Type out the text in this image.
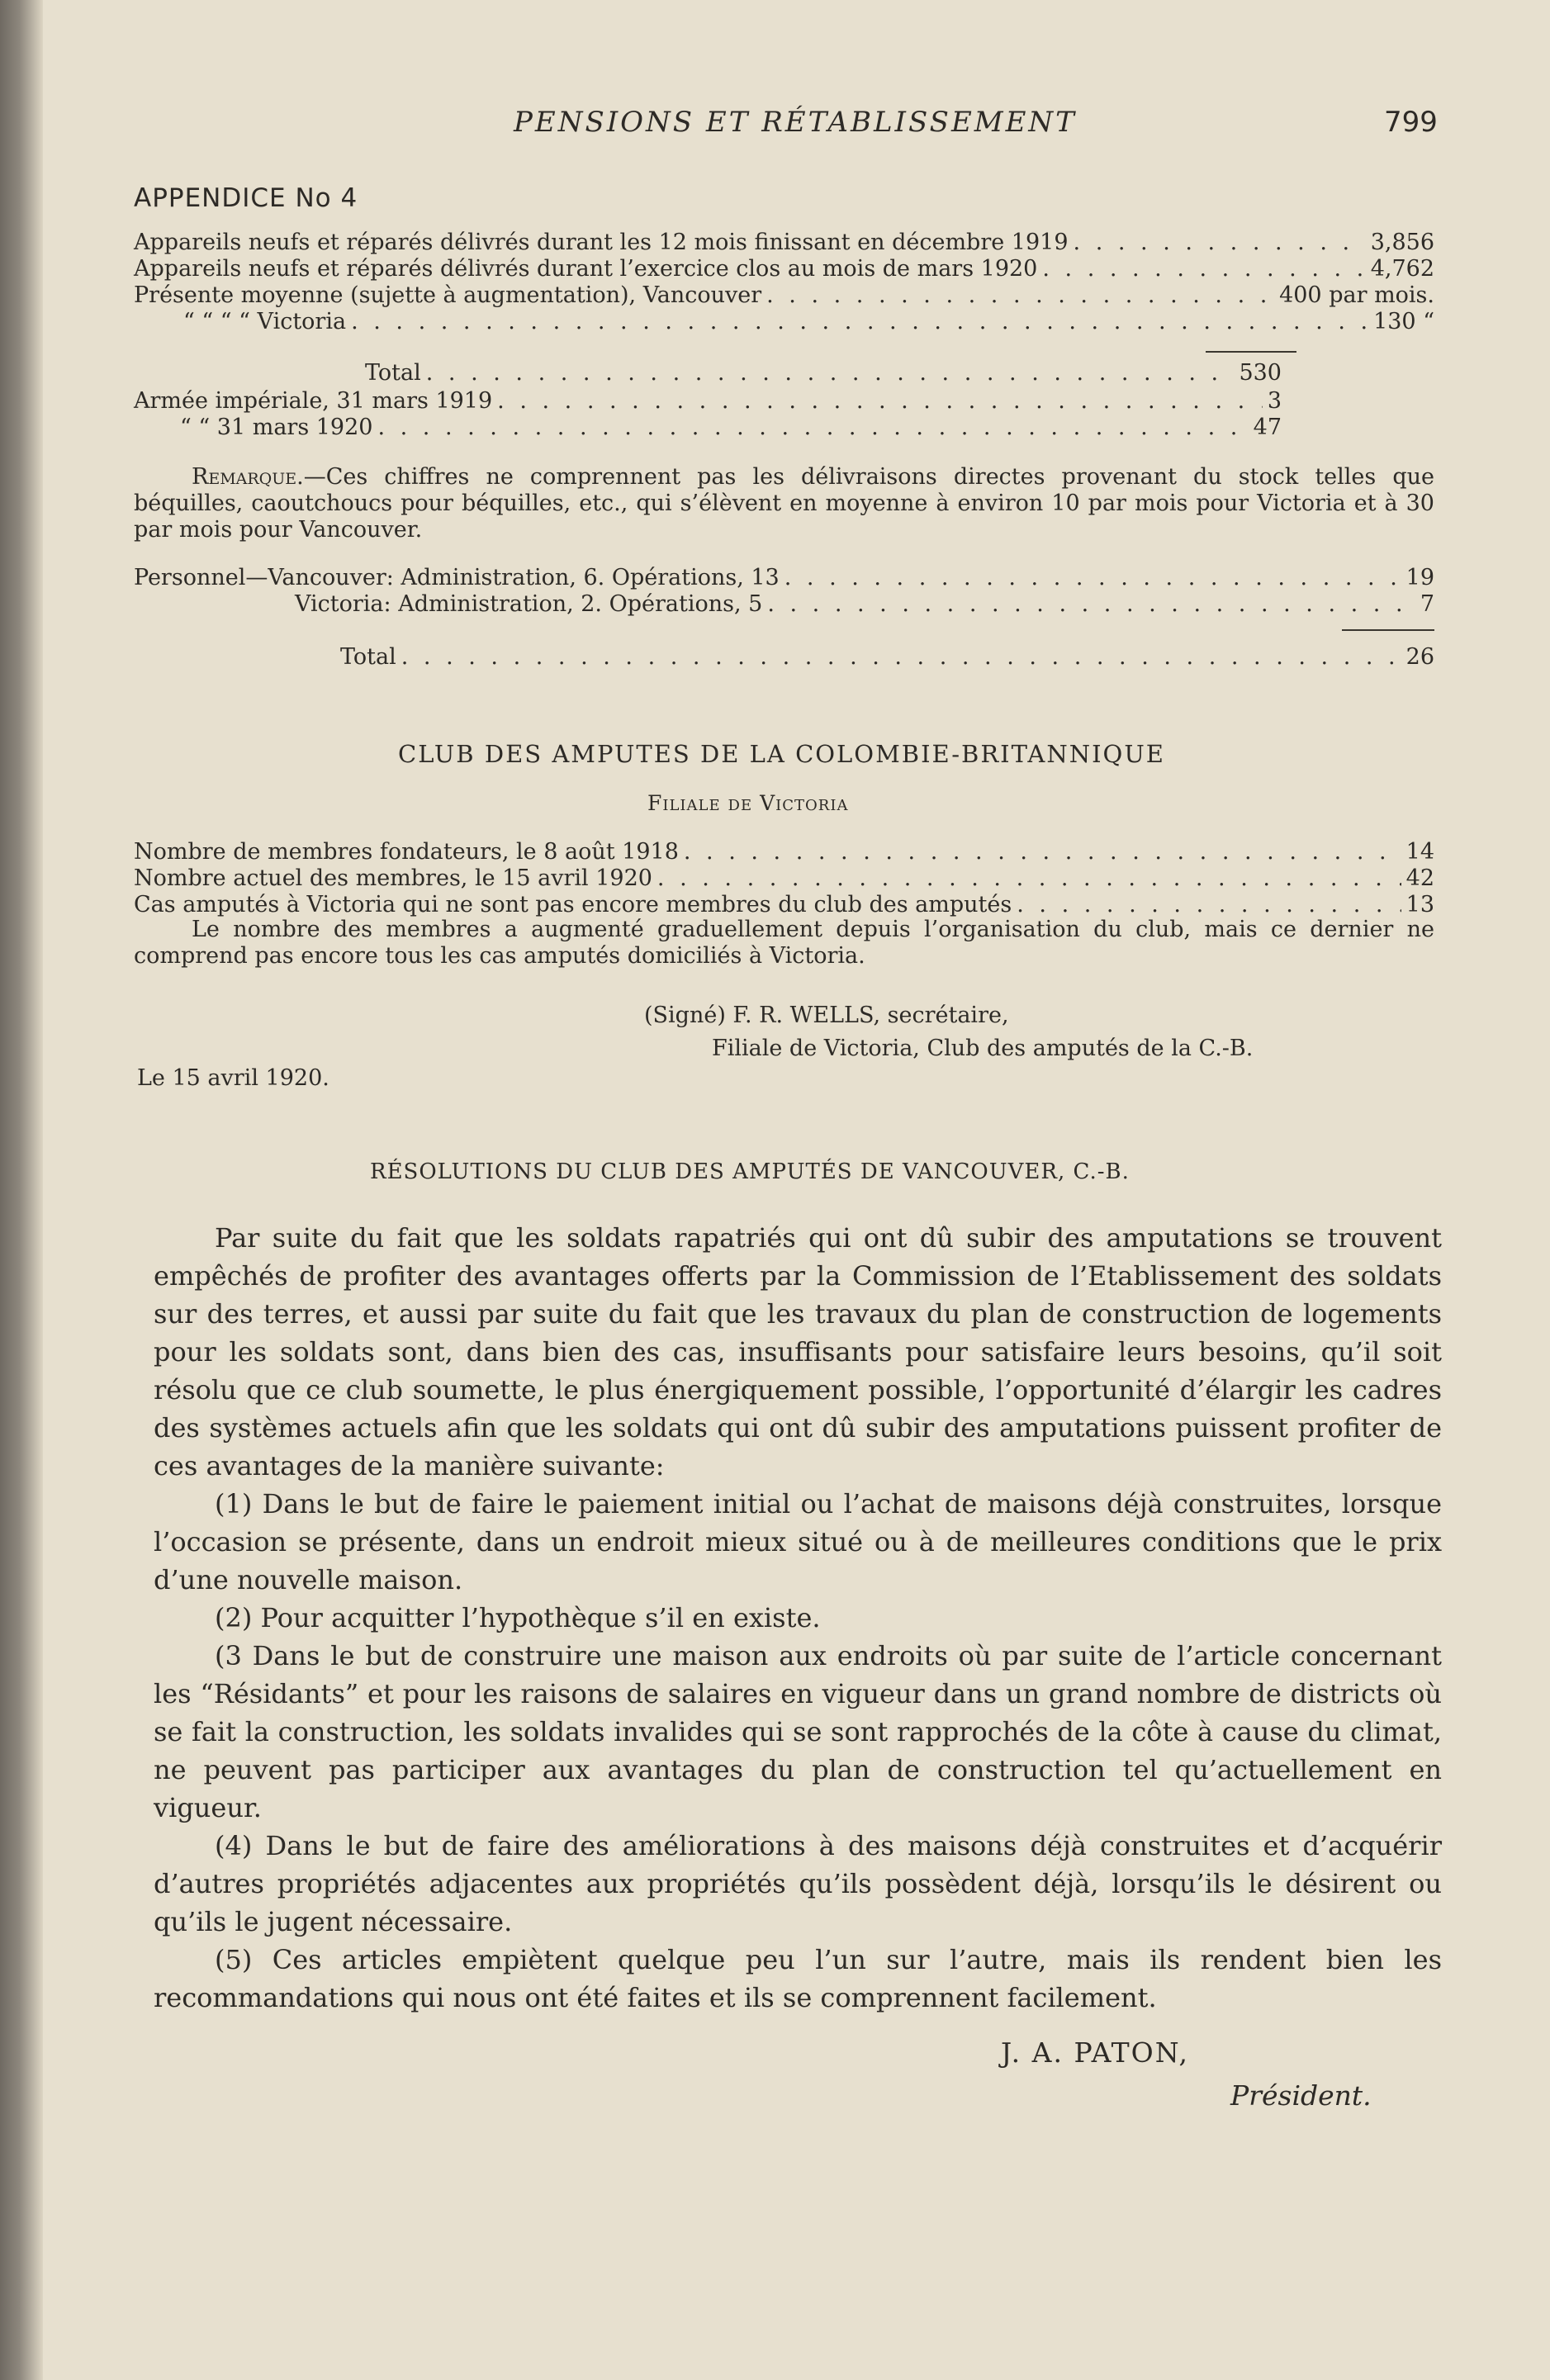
PENSIONS ET RÉTABLISSEMENT	799
APPENDICE No 4
Appareils neufs et réparés délivrés durant les 12 mois finissant en décembre 1919 . . .	3,856
Appareils neufs et réparés délivrés durant l’exercice clos au mois de mars 1920 . . .	4,762
Présente moyenne (sujette à augmentation), Vancouver . . .	400 par mois.
“ “ “ “ Victoria . . .	130 “
Total . . .	530
Armée impériale, 31 mars 1919 . . .	3
“ “ 31 mars 1920 . . .	47
Remarque.—Ces chiffres ne comprennent pas les délivraisons directes provenant du stock telles que béquilles, caoutchoucs pour béquilles, etc., qui s’élèvent en moyenne à environ 10 par mois pour Victoria et à 30 par mois pour Vancouver.
Personnel—Vancouver: Administration, 6. Opérations, 13 . . .	19
Victoria: Administration, 2. Opérations, 5 . . .	7
Total . . .	26
CLUB DES AMPUTES DE LA COLOMBIE-BRITANNIQUE
Filiale de Victoria
Nombre de membres fondateurs, le 8 août 1918 . . .	14
Nombre actuel des membres, le 15 avril 1920 . . .	42
Cas amputés à Victoria qui ne sont pas encore membres du club des amputés . . .	13
Le nombre des membres a augmenté graduellement depuis l’organisation du club, mais ce dernier ne comprend pas encore tous les cas amputés domiciliés à Victoria.
(Signé) F. R. WELLS, secrétaire,
Filiale de Victoria, Club des amputés de la C.-B.
Le 15 avril 1920.
RÉSOLUTIONS DU CLUB DES AMPUTÉS DE VANCOUVER, C.-B.
Par suite du fait que les soldats rapatriés qui ont dû subir des amputations se trouvent empêchés de profiter des avantages offerts par la Commission de l’Etablissement des soldats sur des terres, et aussi par suite du fait que les travaux du plan de construction de logements pour les soldats sont, dans bien des cas, insuffisants pour satisfaire leurs besoins, qu’il soit résolu que ce club soumette, le plus énergiquement possible, l’opportunité d’élargir les cadres des systèmes actuels afin que les soldats qui ont dû subir des amputations puissent profiter de ces avantages de la manière suivante:
(1) Dans le but de faire le paiement initial ou l’achat de maisons déjà construites, lorsque l’occasion se présente, dans un endroit mieux situé ou à de meilleures conditions que le prix d’une nouvelle maison.
(2) Pour acquitter l’hypothèque s’il en existe.
(3 Dans le but de construire une maison aux endroits où par suite de l’article concernant les “Résidants” et pour les raisons de salaires en vigueur dans un grand nombre de districts où se fait la construction, les soldats invalides qui se sont rapprochés de la côte à cause du climat, ne peuvent pas participer aux avantages du plan de construction tel qu’actuellement en vigueur.
(4) Dans le but de faire des améliorations à des maisons déjà construites et d’acquérir d’autres propriétés adjacentes aux propriétés qu’ils possèdent déjà, lorsqu’ils le désirent ou qu’ils le jugent nécessaire.
(5) Ces articles empiètent quelque peu l’un sur l’autre, mais ils rendent bien les recommandations qui nous ont été faites et ils se comprennent facilement.
J. A. PATON,
Président.
